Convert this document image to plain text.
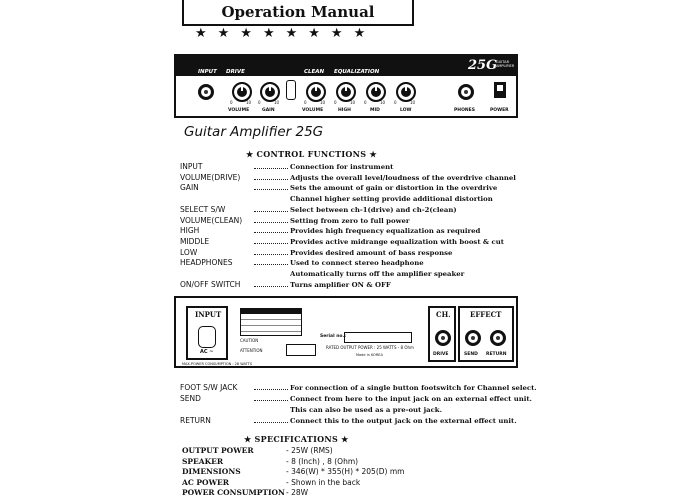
Operation Manual
★★★★★★★★
INPUT DRIVE	CLEAN EQUALIZATION	25G
GUITAR AMPLIFIER
0	10 0	10	0	10 0	10 0	10 0	10
VOLUME	GAIN	VOLUME	HIGH	MID	LOW	PHONES	POWER
Guitar Amplifier 25G
★ CONTROL FUNCTIONS ★
INPUT	Connection for instrument
VOLUME(DRIVE)	Adjusts the overall level/loudness of the overdrive channel
GAIN	Sets the amount of gain or distortion in the overdrive
Channel higher setting provide additional distortion
SELECT S/W	Select between ch-1(drive) and ch-2(clean)
VOLUME(CLEAN)	Setting from zero to full power
HIGH	Provides high frequency equalization as required
MIDDLE	Provides active midrange equalization with boost & cut
LOW	Provides desired amount of bass response
HEADPHONES	Used to connect stereo headphone
Automatically turns off the amplifier speaker
ON/OFF SWITCH	Turns amplifier ON & OFF
INPUT
AC ~
MAX.POWER CONSUMPTION : 28 WATTS
CAUTION
ATTENTION
Serial no.:
RATED OUTPUT POWER : 25 WATTS - 8 Ohm
Made in KOREA
CH.
DRIVE
EFFECT
SEND RETURN
FOOT S/W JACK	For connection of a single button footswitch for Channel select.
SEND	Connect from here to the input jack on an external effect unit.
This can also be used as a pre-out jack.
RETURN	Connect this to the output jack on the external effect unit.
★ SPECIFICATIONS ★
OUTPUT POWER	- 25W (RMS)
SPEAKER	- 8 (Inch) , 8 (Ohm)
DIMENSIONS	- 346(W) * 355(H) * 205(D) mm
AC POWER	- Shown in the back
POWER CONSUMPTION - 28W
